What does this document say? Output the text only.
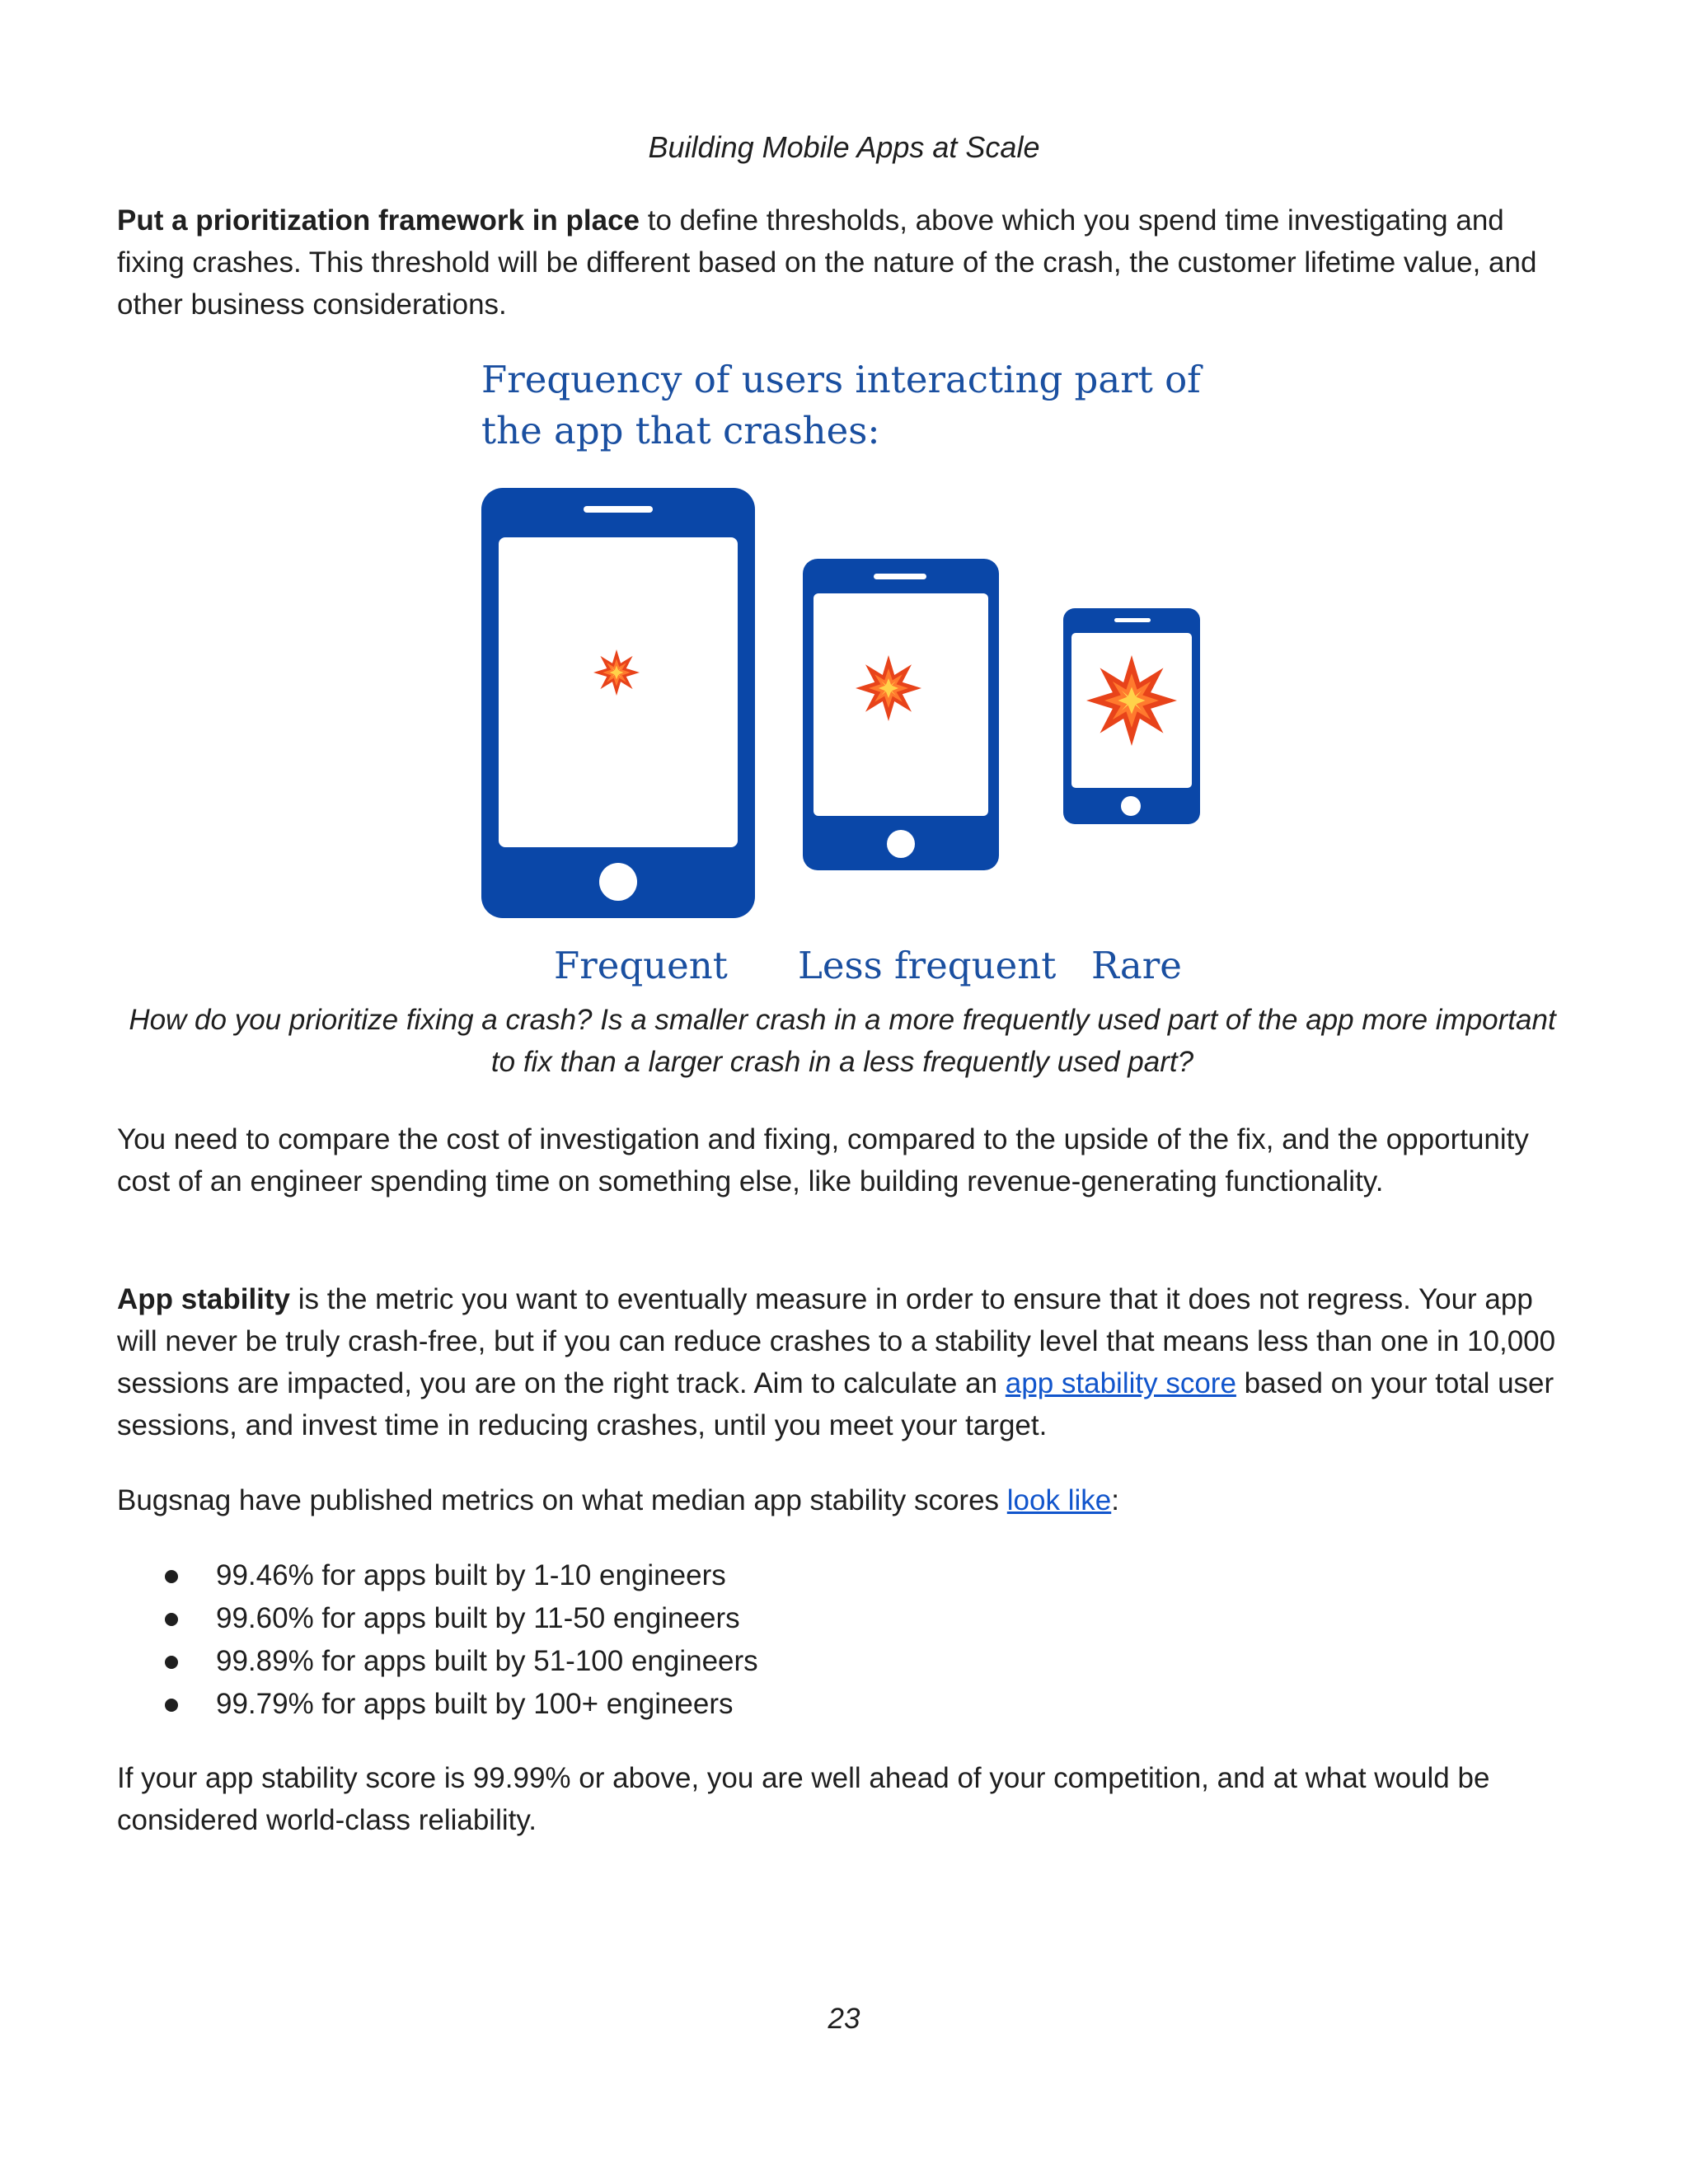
Building Mobile Apps at Scale

Put a prioritization framework in place to define thresholds, above which you spend time investigating and fixing crashes. This threshold will be different based on the nature of the crash, the customer lifetime value, and other business considerations.

Frequency of users interacting part of
the app that crashes:

Frequent Less frequent Rare

How do you prioritize fixing a crash? Is a smaller crash in a more frequently used part of the app more important to fix than a larger crash in a less frequently used part?

You need to compare the cost of investigation and fixing, compared to the upside of the fix, and the opportunity cost of an engineer spending time on something else, like building revenue-generating functionality.

App stability is the metric you want to eventually measure in order to ensure that it does not regress. Your app will never be truly crash-free, but if you can reduce crashes to a stability level that means less than one in 10,000 sessions are impacted, you are on the right track. Aim to calculate an app stability score based on your total user sessions, and invest time in reducing crashes, until you meet your target.

Bugsnag have published metrics on what median app stability scores look like:

99.46% for apps built by 1-10 engineers
99.60% for apps built by 11-50 engineers
99.89% for apps built by 51-100 engineers
99.79% for apps built by 100+ engineers

If your app stability score is 99.99% or above, you are well ahead of your competition, and at what would be considered world-class reliability.

23
